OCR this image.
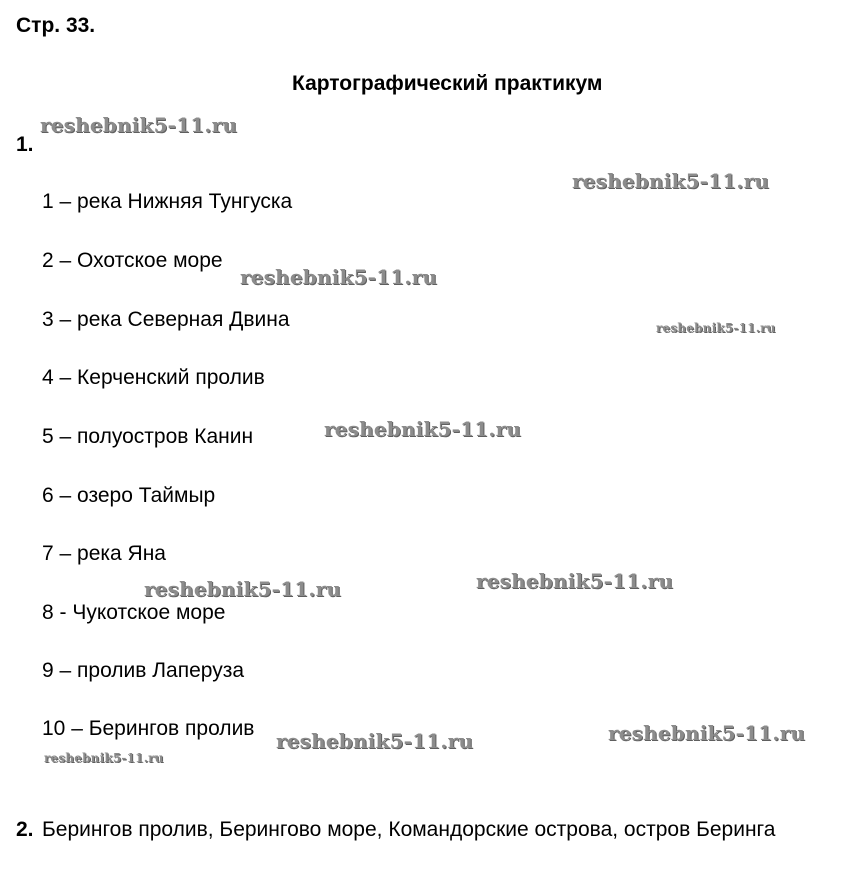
Стр. 33.
Картографический практикум
1.
1 – река Нижняя Тунгуска
2 – Охотское море
3 – река Северная Двина
4 – Керченский пролив
5 – полуостров Канин
6 – озеро Таймыр
7 – река Яна
8 - Чукотское море
9 – пролив Лаперуза
10 – Берингов пролив
2. Берингов пролив, Берингово море, Командорские острова, остров Беринга
reshebnik5-11.ru
reshebnik5-11.ru
reshebnik5-11.ru
reshebnik5-11.ru
reshebnik5-11.ru
reshebnik5-11.ru	reshebnik5-11.ru
reshebnik5-11.ru	reshebnik5-11.ru
reshebnik5-11.ru
